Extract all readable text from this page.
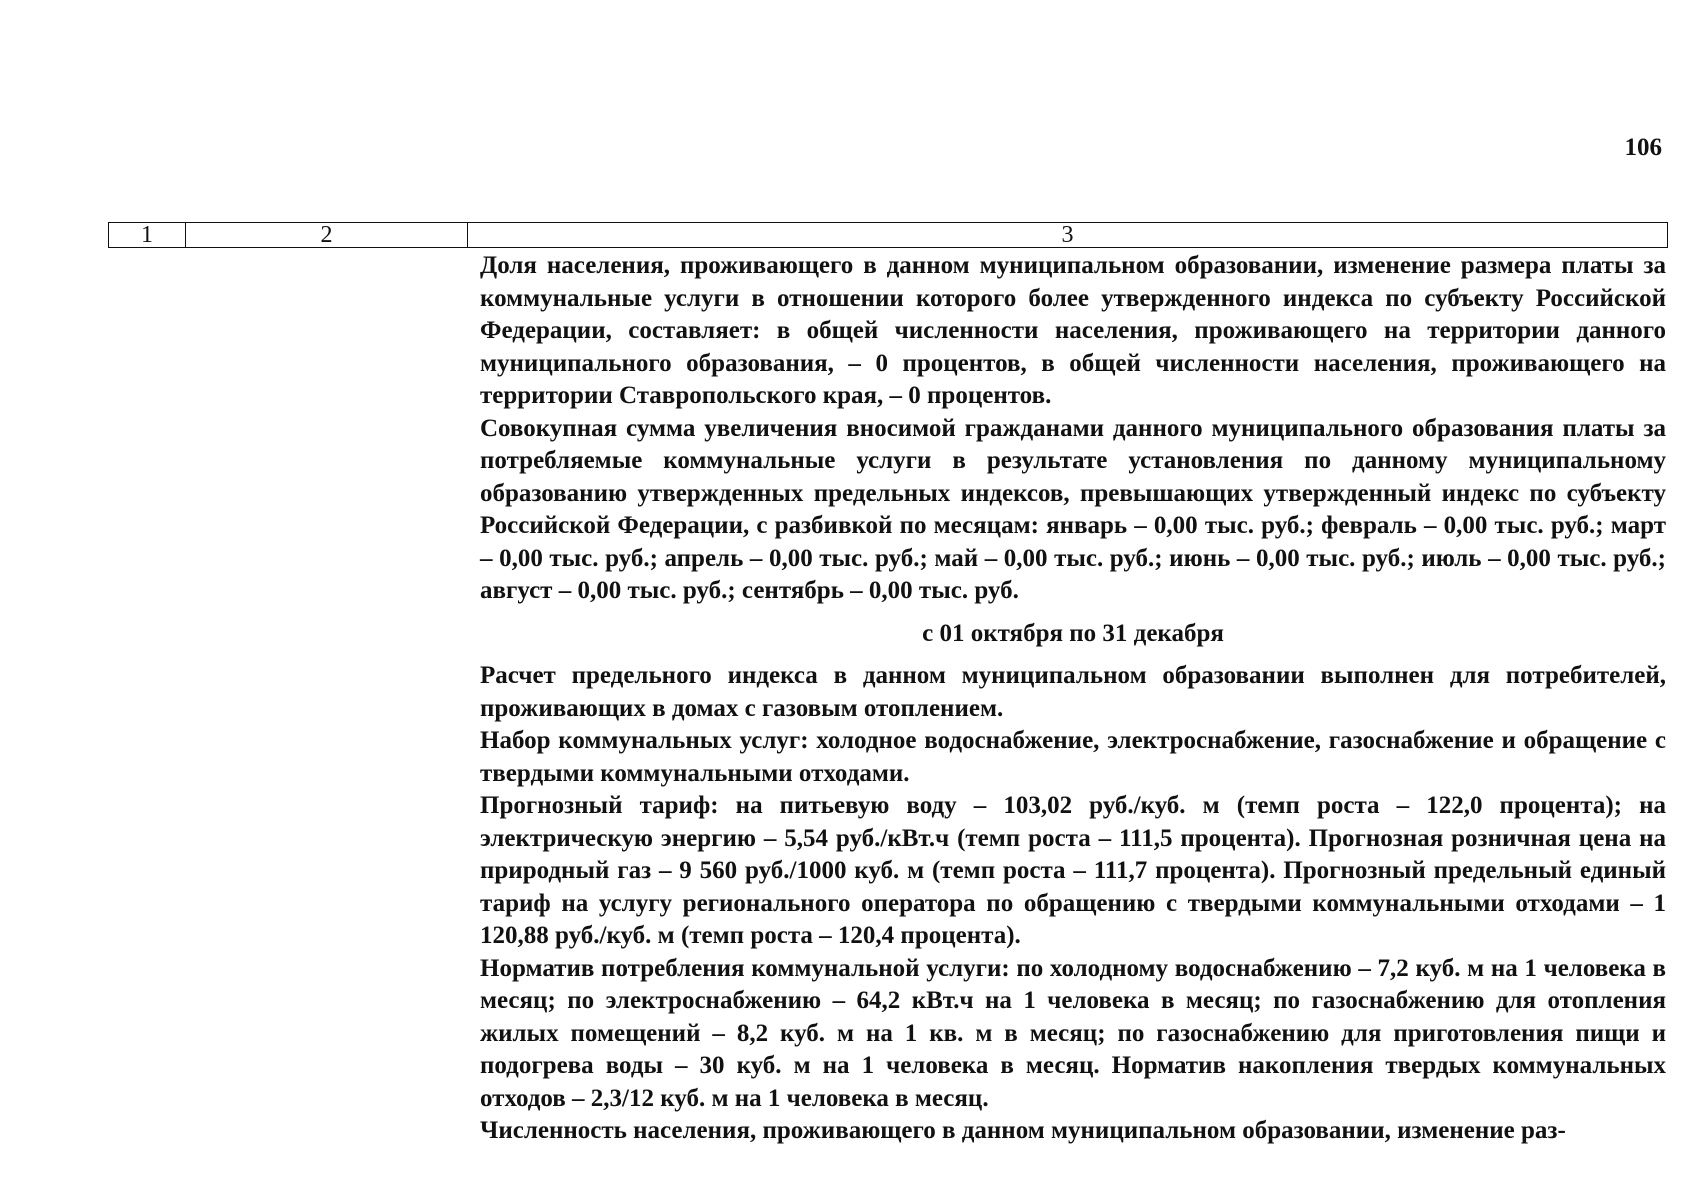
106
1	2	3

Доля населения, проживающего в данном муниципальном образовании, изменение размера платы за коммунальные услуги в отношении которого более утвержденного индекса по субъекту Российской Федерации, составляет: в общей численности населения, проживающего на территории данного муниципального образования, – 0 процентов, в общей численности населения, проживающего на территории Ставропольского края, – 0 процентов.

Совокупная сумма увеличения вносимой гражданами данного муниципального образования платы за потребляемые коммунальные услуги в результате установления по данному муниципальному образованию утвержденных предельных индексов, превышающих утвержденный индекс по субъекту Российской Федерации, с разбивкой по месяцам: январь – 0,00 тыс. руб.; февраль – 0,00 тыс. руб.; март – 0,00 тыс. руб.; апрель – 0,00 тыс. руб.; май – 0,00 тыс. руб.; июнь – 0,00 тыс. руб.; июль – 0,00 тыс. руб.; август – 0,00 тыс. руб.; сентябрь – 0,00 тыс. руб.

с 01 октября по 31 декабря

Расчет предельного индекса в данном муниципальном образовании выполнен для потребителей, проживающих в домах с газовым отоплением.

Набор коммунальных услуг: холодное водоснабжение, электроснабжение, газоснабжение и обращение с твердыми коммунальными отходами.

Прогнозный тариф: на питьевую воду – 103,02 руб./куб. м (темп роста – 122,0 процента); на электрическую энергию – 5,54 руб./кВт.ч (темп роста – 111,5 процента). Прогнозная розничная цена на природный газ – 9 560 руб./1000 куб. м (темп роста – 111,7 процента). Прогнозный предельный единый тариф на услугу регионального оператора по обращению с твердыми коммунальными отходами – 1 120,88 руб./куб. м (темп роста – 120,4 процента).

Норматив потребления коммунальной услуги: по холодному водоснабжению – 7,2 куб. м на 1 человека в месяц; по электроснабжению – 64,2 кВт.ч на 1 человека в месяц; по газоснабжению для отопления жилых помещений – 8,2 куб. м на 1 кв. м в месяц; по газоснабжению для приготовления пищи и подогрева воды – 30 куб. м на 1 человека в месяц. Норматив накопления твердых коммунальных отходов – 2,3/12 куб. м на 1 человека в месяц.

Численность населения, проживающего в данном муниципальном образовании, изменение раз-
